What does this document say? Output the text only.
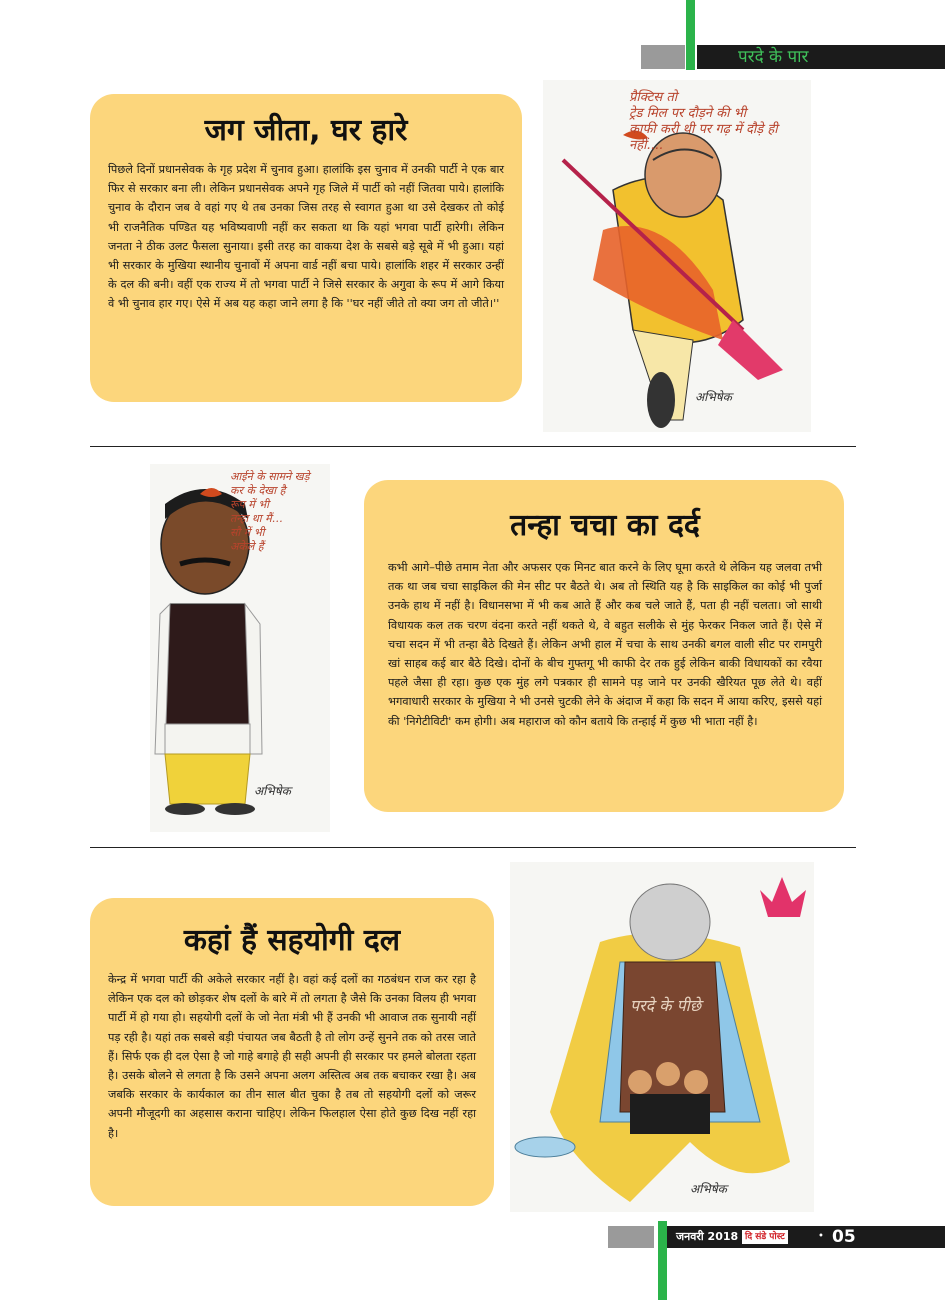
परदे के पार
जग जीता, घर हारे

पिछले दिनों प्रधानसेवक के गृह प्रदेश में चुनाव हुआ। हालांकि इस चुनाव में उनकी पार्टी ने एक बार फिर से सरकार बना ली। लेकिन प्रधानसेवक अपने गृह जिले में पार्टी को नहीं जितवा पाये। हालांकि चुनाव के दौरान जब वे वहां गए थे तब उनका जिस तरह से स्वागत हुआ था उसे देखकर तो कोई भी राजनैतिक पण्डित यह भविष्यवाणी नहीं कर सकता था कि यहां भगवा पार्टी हारेगी। लेकिन जनता ने ठीक उलट फैसला सुनाया। इसी तरह का वाकया देश के सबसे बड़े सूबे में भी हुआ। यहां भी सरकार के मुखिया स्थानीय चुनावों में अपना वार्ड नहीं बचा पाये। हालांकि शहर में सरकार उन्हीं के दल की बनी। वहीं एक राज्य में तो भगवा पार्टी ने जिसे सरकार के अगुवा के रूप में आगे किया वे भी चुनाव हार गए। ऐसे में अब यह कहा जाने लगा है कि ''घर नहीं जीते तो क्या जग तो जीते।''

प्रैक्टिस तो
ट्रेड मिल पर दौड़ने की भी
काफी करी थी पर गढ़ में दौड़े ही
नहीं....
अभिषेक
आईने के सामने खड़े
कर के देखा है
रूप में भी
तन्हा था मैं…
सौ में भी
अकेले हैं
अभिषेक
तन्हा चचा का दर्द

कभी आगे–पीछे तमाम नेता और अफसर एक मिनट बात करने के लिए घूमा करते थे लेकिन यह जलवा तभी तक था जब चचा साइकिल की मेन सीट पर बैठते थे। अब तो स्थिति यह है कि साइकिल का कोई भी पुर्जा उनके हाथ में नहीं है। विधानसभा में भी कब आते हैं और कब चले जाते हैं, पता ही नहीं चलता। जो साथी विधायक कल तक चरण वंदना करते नहीं थकते थे, वे बहुत सलीके से मुंह फेरकर निकल जाते हैं। ऐसे में चचा सदन में भी तन्हा बैठे दिखते हैं। लेकिन अभी हाल में चचा के साथ उनकी बगल वाली सीट पर रामपुरी खां साहब कई बार बैठे दिखे। दोनों के बीच गुफ्तगू भी काफी देर तक हुई लेकिन बाकी विधायकों का रवैया पहले जैसा ही रहा। कुछ एक मुंह लगे पत्रकार ही सामने पड़ जाने पर उनकी खैरियत पूछ लेते थे। वहीं भगवाधारी सरकार के मुखिया ने भी उनसे चुटकी लेने के अंदाज में कहा कि सदन में आया करिए, इससे यहां की 'निगेटीविटी' कम होगी। अब महाराज को कौन बताये कि तन्हाई में कुछ भी भाता नहीं है।

कहां हैं सहयोगी दल

केन्द्र में भगवा पार्टी की अकेले सरकार नहीं है। वहां कई दलों का गठबंधन राज कर रहा है लेकिन एक दल को छोड़कर शेष दलों के बारे में तो लगता है जैसे कि उनका विलय ही भगवा पार्टी में हो गया हो। सहयोगी दलों के जो नेता मंत्री भी हैं उनकी भी आवाज तक सुनायी नहीं पड़ रही है। यहां तक सबसे बड़ी पंचायत जब बैठती है तो लोग उन्हें सुनने तक को तरस जाते हैं। सिर्फ एक ही दल ऐसा है जो गाहे बगाहे ही सही अपनी ही सरकार पर हमले बोलता रहता है। उसके बोलने से लगता है कि उसने अपना अलग अस्तित्व अब तक बचाकर रखा है। अब जबकि सरकार के कार्यकाल का तीन साल बीत चुका है तब तो सहयोगी दलों को जरूर अपनी मौजूदगी का अहसास कराना चाहिए। लेकिन फिलहाल ऐसा होते कुछ दिख नहीं रहा है।

परदे के पीछे
अभिषेक
जनवरी 2018 दि संडे पोस्ट	• 05
